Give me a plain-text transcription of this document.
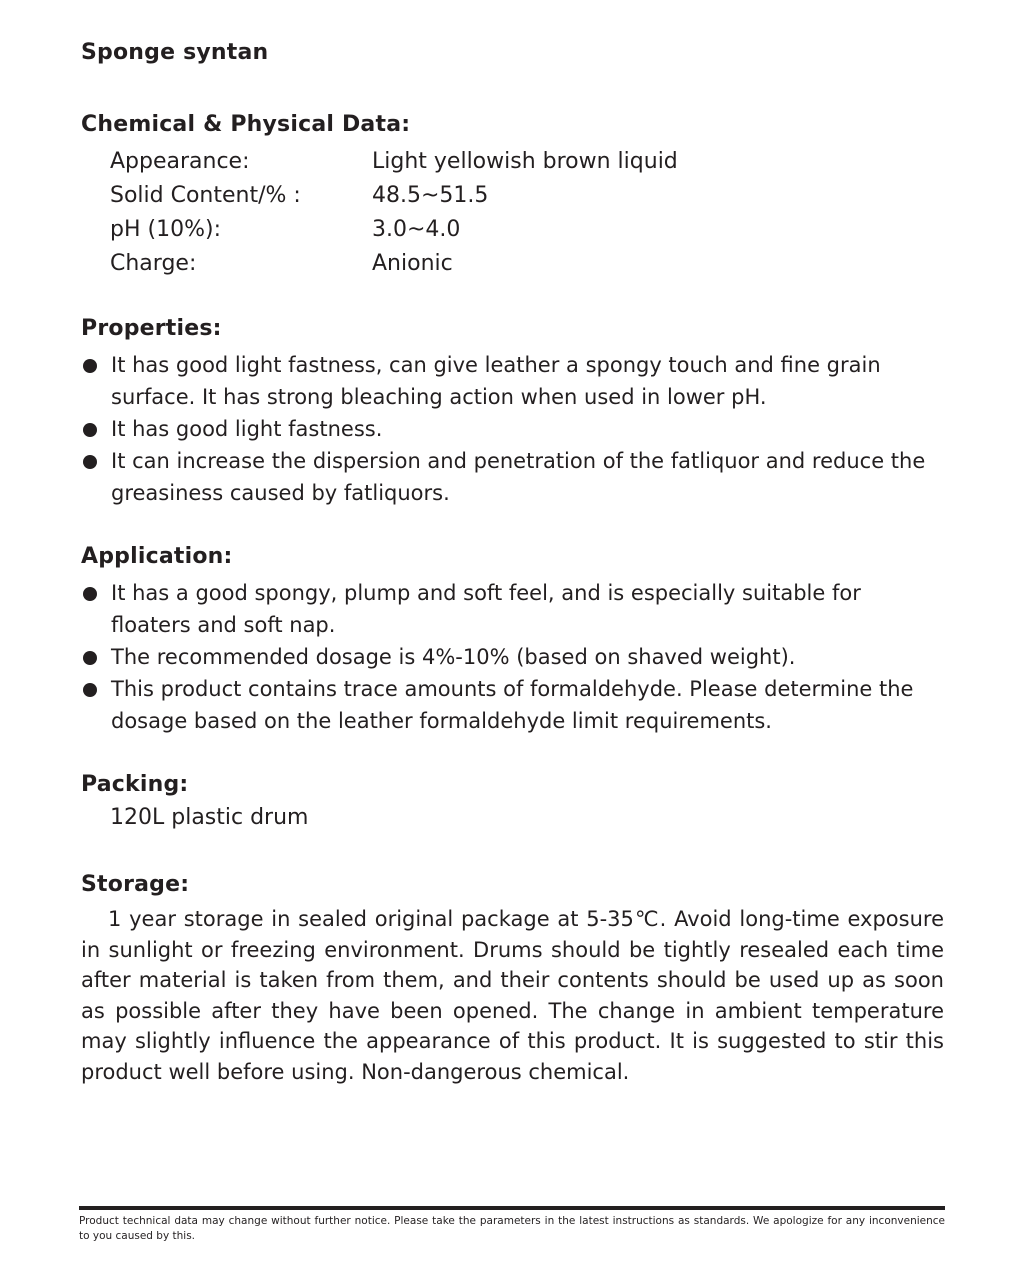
Sponge syntan
Chemical & Physical Data:
Appearance:	Light yellowish brown liquid
Solid Content/% :	48.5~51.5
pH (10%):	3.0~4.0
Charge:	Anionic
Properties:
It has good light fastness, can give leather a spongy touch and fine grain surface. It has strong bleaching action when used in lower pH.
It has good light fastness.
It can increase the dispersion and penetration of the fatliquor and reduce the greasiness caused by fatliquors.
Application:
It has a good spongy, plump and soft feel, and is especially suitable for floaters and soft nap.
The recommended dosage is 4%-10% (based on shaved weight).
This product contains trace amounts of formaldehyde. Please determine the dosage based on the leather formaldehyde limit requirements.
Packing:
120L plastic drum
Storage:
1 year storage in sealed original package at 5-35℃. Avoid long-time exposure in sunlight or freezing environment. Drums should be tightly resealed each time after material is taken from them, and their contents should be used up as soon as possible after they have been opened. The change in ambient temperature may slightly influence the appearance of this product. It is suggested to stir this product well before using. Non-dangerous chemical.
Product technical data may change without further notice. Please take the parameters in the latest instructions as standards. We apologize for any inconvenience to you caused by this.
